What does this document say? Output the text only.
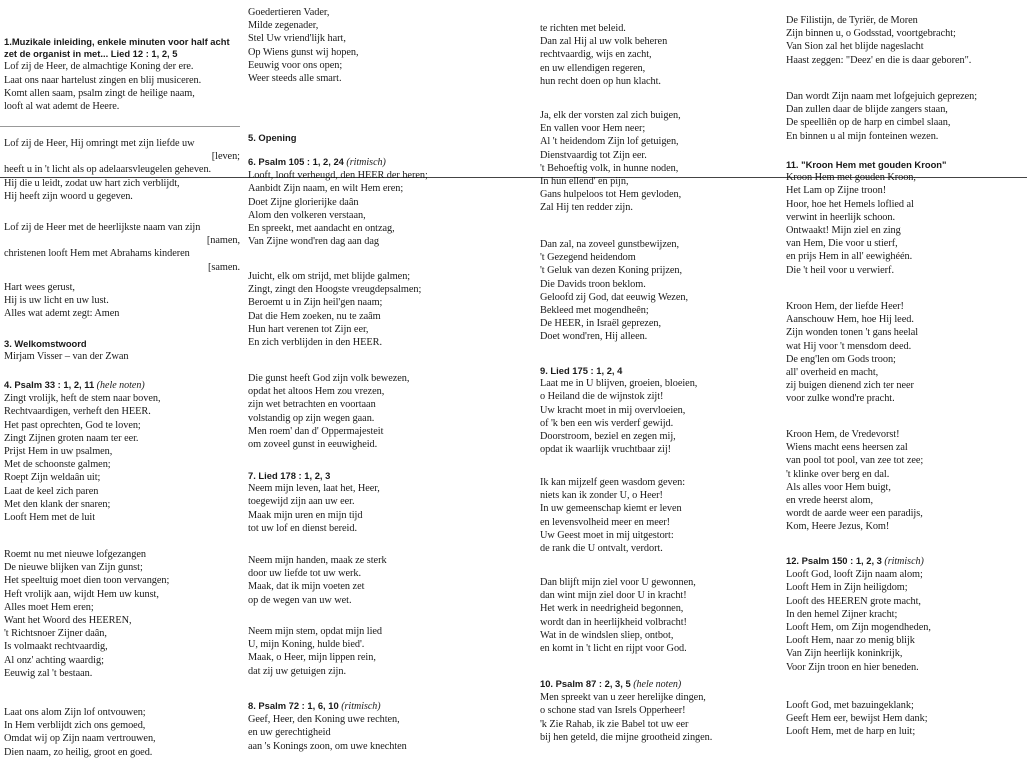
1.Muzikale inleiding, enkele minuten voor half acht
zet de organist in met... Lied 12 : 1, 2, 5
Lof zij de Heer, de almachtige Koning der ere.
Laat ons naar hartelust zingen en blij musiceren.
Komt allen saam, psalm zingt de heilige naam,
looft al wat ademt de Heere.
Lof zij de Heer, Hij omringt met zijn liefde uw
[leven;
heeft u in 't licht als op adelaarsvleugelen geheven.
Hij die u leidt, zodat uw hart zich verblijdt,
Hij heeft zijn woord u gegeven.
Lof zij de Heer met de heerlijkste naam van zijn
[namen,
christenen looft Hem met Abrahams kinderen
[samen.
Hart wees gerust,
Hij is uw licht en uw lust.
Alles wat ademt zegt: Amen
3. Welkomstwoord
Mirjam Visser – van der Zwan
4. Psalm 33 : 1, 2, 11 (hele noten)
Zingt vrolijk, heft de stem naar boven,
Rechtvaardigen, verheft den HEER.
Het past oprechten, God te loven;
Zingt Zijnen groten naam ter eer.
Prijst Hem in uw psalmen,
Met de schoonste galmen;
Roept Zijn weldaân uit;
Laat de keel zich paren
Met den klank der snaren;
Looft Hem met de luit
Roemt nu met nieuwe lofgezangen
De nieuwe blijken van Zijn gunst;
Het speeltuig moet dien toon vervangen;
Heft vrolijk aan, wijdt Hem uw kunst,
Alles moet Hem eren;
Want het Woord des HEEREN,
't Richtsnoer Zijner daân,
Is volmaakt rechtvaardig,
Al onz' achting waardig;
Eeuwig zal 't bestaan.
Laat ons alom Zijn lof ontvouwen;
In Hem verblijdt zich ons gemoed,
Omdat wij op Zijn naam vertrouwen,
Dien naam, zo heilig, groot en goed.
Goedertieren Vader,
Milde zegenader,
Stel Uw vriend'lijk hart,
Op Wiens gunst wij hopen,
Eeuwig voor ons open;
Weer steeds alle smart.
5. Opening
6. Psalm 105 : 1, 2, 24 (ritmisch)
Looft, looft verheugd, den HEER der heren;
Aanbidt Zijn naam, en wilt Hem eren;
Doet Zijne glorierijke daân
Alom den volkeren verstaan,
En spreekt, met aandacht en ontzag,
Van Zijne wond'ren dag aan dag
Juicht, elk om strijd, met blijde galmen;
Zingt, zingt den Hoogste vreugdepsalmen;
Beroemt u in Zijn heil'gen naam;
Dat die Hem zoeken, nu te zaâm
Hun hart verenen tot Zijn eer,
En zich verblijden in den HEER.
Die gunst heeft God zijn volk bewezen,
opdat het altoos Hem zou vrezen,
zijn wet betrachten en voortaan
volstandig op zijn wegen gaan.
Men roem' dan d' Oppermajesteit
om zoveel gunst in eeuwigheid.
7. Lied 178 : 1, 2, 3
Neem mijn leven, laat het, Heer,
toegewijd zijn aan uw eer.
Maak mijn uren en mijn tijd
tot uw lof en dienst bereid.
Neem mijn handen, maak ze sterk
door uw liefde tot uw werk.
Maak, dat ik mijn voeten zet
op de wegen van uw wet.
Neem mijn stem, opdat mijn lied
U, mijn Koning, hulde bied'.
Maak, o Heer, mijn lippen rein,
dat zij uw getuigen zijn.
8. Psalm 72 : 1, 6, 10 (ritmisch)
Geef, Heer, den Koning uwe rechten,
en uw gerechtigheid
aan 's Konings zoon, om uwe knechten
te richten met beleid.
Dan zal Hij al uw volk beheren
rechtvaardig, wijs en zacht,
en uw ellendigen regeren,
hun recht doen op hun klacht.
Ja, elk der vorsten zal zich buigen,
En vallen voor Hem neer;
Al 't heidendom Zijn lof getuigen,
Dienstvaardig tot Zijn eer.
't Behoeftig volk, in hunne noden,
In hun ellend' en pijn,
Gans hulpeloos tot Hem gevloden,
Zal Hij ten redder zijn.
Dan zal, na zoveel gunstbewijzen,
't Gezegend heidendom
't Geluk van dezen Koning prijzen,
Die Davids troon beklom.
Geloofd zij God, dat eeuwig Wezen,
Bekleed met mogendheên;
De HEER, in Israël geprezen,
Doet wond'ren, Hij alleen.
9. Lied 175 : 1, 2, 4
Laat me in U blijven, groeien, bloeien,
o Heiland die de wijnstok zijt!
Uw kracht moet in mij overvloeien,
of 'k ben een wis verderf gewijd.
Doorstroom, beziel en zegen mij,
opdat ik waarlijk vruchtbaar zij!
Ik kan mijzelf geen wasdom geven:
niets kan ik zonder U, o Heer!
In uw gemeenschap kiemt er leven
en levensvolheid meer en meer!
Uw Geest moet in mij uitgestort:
de rank die U ontvalt, verdort.
Dan blijft mijn ziel voor U gewonnen,
dan wint mijn ziel door U in kracht!
Het werk in needrigheid begonnen,
wordt dan in heerlijkheid volbracht!
Wat in de windslen sliep, ontbot,
en komt in 't licht en rijpt voor God.
10. Psalm 87 : 2, 3, 5 (hele noten)
Men spreekt van u zeer herelijke dingen,
o schone stad van Isrels Opperheer!
'k Zie Rahab, ik zie Babel tot uw eer
bij hen geteld, die mijne grootheid zingen.
De Filistijn, de Tyriër, de Moren
Zijn binnen u, o Godsstad, voortgebracht;
Van Sion zal het blijde nageslacht
Haast zeggen: "Deez' en die is daar geboren".
Dan wordt Zijn naam met lofgejuich geprezen;
Dan zullen daar de blijde zangers staan,
De speelliên op de harp en cimbel slaan,
En binnen u al mijn fonteinen wezen.
11. "Kroon Hem met gouden Kroon"
Kroon Hem met gouden Kroon,
Het Lam op Zijne troon!
Hoor, hoe het Hemels loflied al
verwint in heerlijk schoon.
Ontwaakt! Mijn ziel en zing
van Hem, Die voor u stierf,
en prijs Hem in all' eewighéén.
Die 't heil voor u verwierf.
Kroon Hem, der liefde Heer!
Aanschouw Hem, hoe Hij leed.
Zijn wonden tonen 't gans heelal
wat Hij voor 't mensdom deed.
De eng'len om Gods troon;
all' overheid en macht,
zij buigen dienend zich ter neer
voor zulke wond're pracht.
Kroon Hem, de Vredevorst!
Wiens macht eens heersen zal
van pool tot pool, van zee tot zee;
't klinke over berg en dal.
Als alles voor Hem buigt,
en vrede heerst alom,
wordt de aarde weer een paradijs,
Kom, Heere Jezus, Kom!
12. Psalm 150 : 1, 2, 3 (ritmisch)
Looft God, looft Zijn naam alom;
Looft Hem in Zijn heiligdom;
Looft des HEEREN grote macht,
In den hemel Zijner kracht;
Looft Hem, om Zijn mogendheden,
Looft Hem, naar zo menig blijk
Van Zijn heerlijk koninkrijk,
Voor Zijn troon en hier beneden.
Looft God, met bazuingeklank;
Geeft Hem eer, bewijst Hem dank;
Looft Hem, met de harp en luit;
